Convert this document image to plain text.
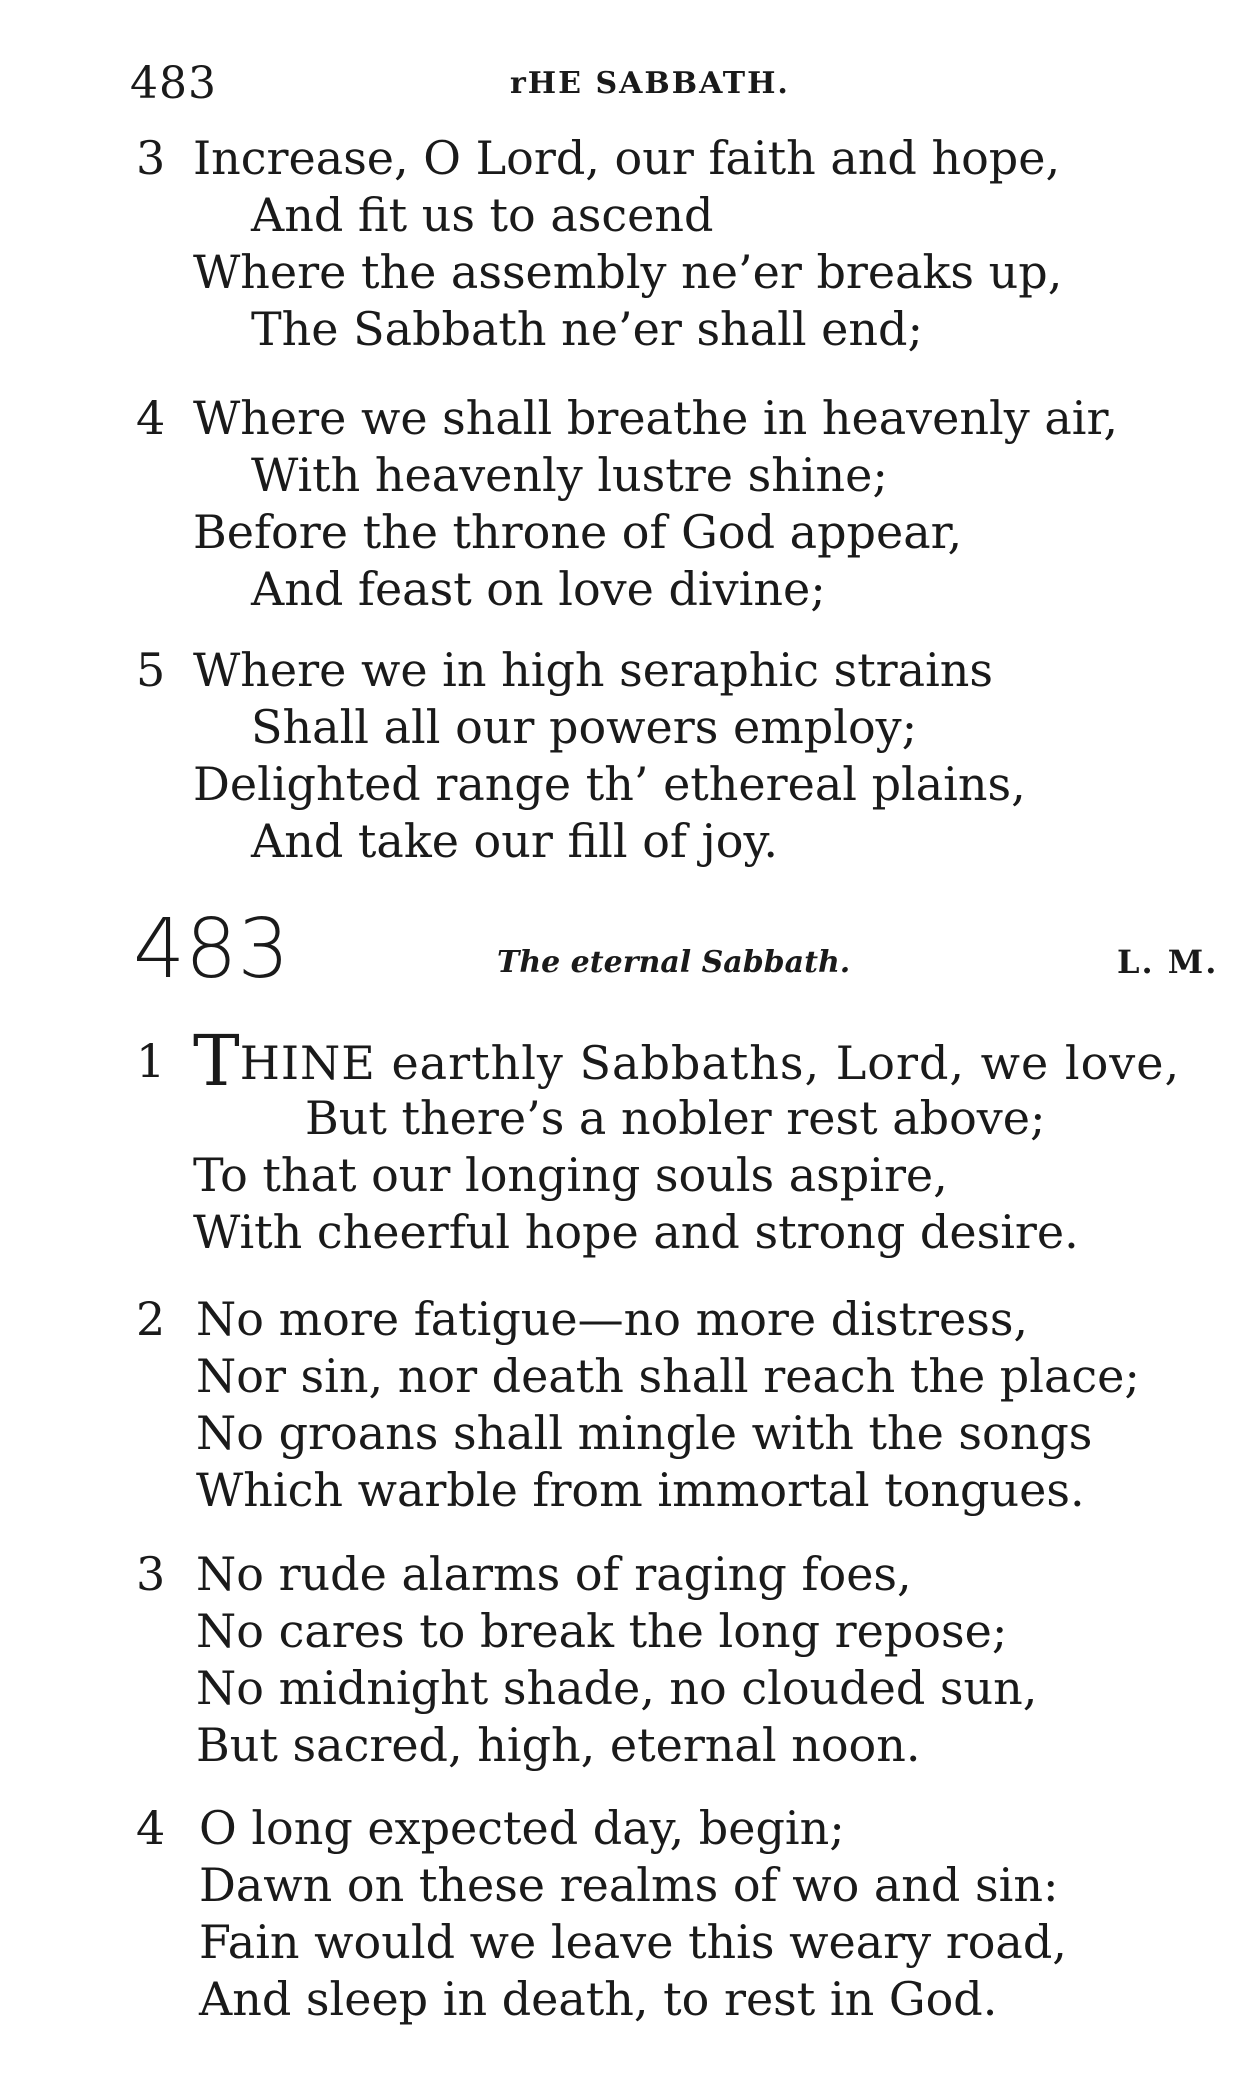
483	rHE SABBATH.
3 Increase, O Lord, our faith and hope,
And fit us to ascend
Where the assembly ne’er breaks up,
The Sabbath ne’er shall end;
4 Where we shall breathe in heavenly air,
With heavenly lustre shine;
Before the throne of God appear,
And feast on love divine;
5 Where we in high seraphic strains
Shall all our powers employ;
Delighted range th’ ethereal plains,
And take our fill of joy.
483	The eternal Sabbath.	L. M.
1 THINE earthly Sabbaths, Lord, we love,
But there’s a nobler rest above;
To that our longing souls aspire,
With cheerful hope and strong desire.
2 No more fatigue—no more distress,
Nor sin, nor death shall reach the place;
No groans shall mingle with the songs
Which warble from immortal tongues.
3 No rude alarms of raging foes,
No cares to break the long repose;
No midnight shade, no clouded sun,
But sacred, high, eternal noon.
4 O long expected day, begin;
Dawn on these realms of wo and sin:
Fain would we leave this weary road,
And sleep in death, to rest in God.
